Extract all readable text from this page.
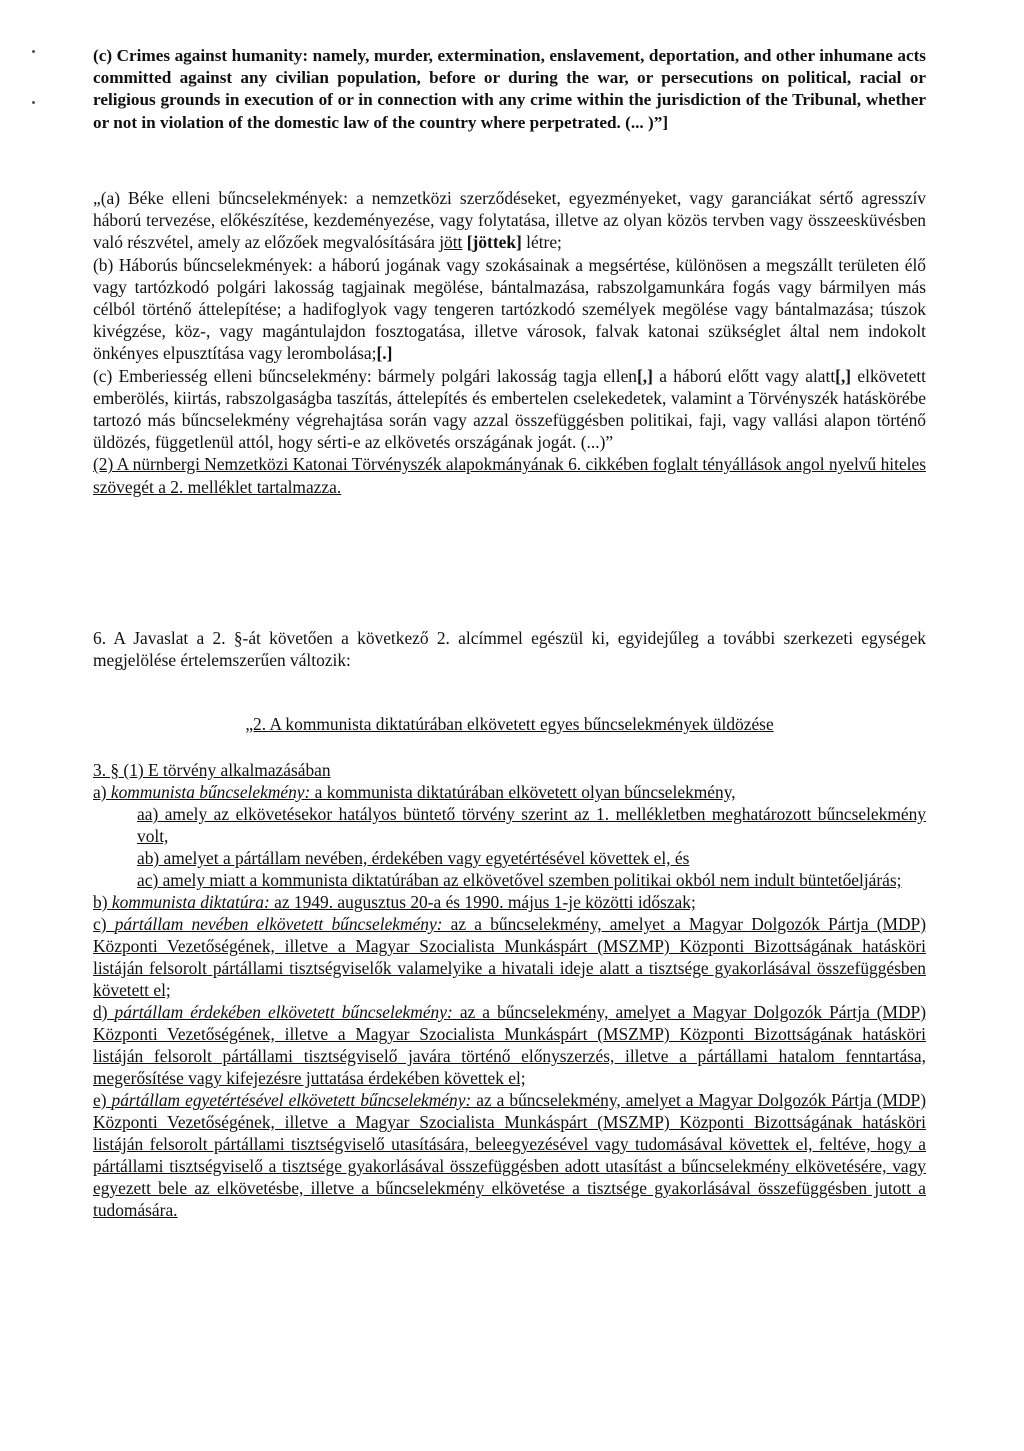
(c) Crimes against humanity: namely, murder, extermination, enslavement, deportation, and other inhumane acts committed against any civilian population, before or during the war, or persecutions on political, racial or religious grounds in execution of or in connection with any crime within the jurisdiction of the Tribunal, whether or not in violation of the domestic law of the country where perpetrated. (... )”]

„(a) Béke elleni bűncselekmények: a nemzetközi szerződéseket, egyezményeket, vagy garanciákat sértő agresszív háború tervezése, előkészítése, kezdeményezése, vagy folytatása, illetve az olyan közös tervben vagy összeesküvésben való részvétel, amely az előzőek megvalósítására jött [jöttek] létre;

(b) Háborús bűncselekmények: a háború jogának vagy szokásainak a megsértése, különösen a megszállt területen élő vagy tartózkodó polgári lakosság tagjainak megölése, bántalmazása, rabszolgamunkára fogás vagy bármilyen más célból történő áttelepítése; a hadifoglyok vagy tengeren tartózkodó személyek megölése vagy bántalmazása; túszok kivégzése, köz-, vagy magántulajdon fosztogatása, illetve városok, falvak katonai szükséglet által nem indokolt önkényes elpusztítása vagy lerombolása;[.]

(c) Emberiesség elleni bűncselekmény: bármely polgári lakosság tagja ellen[,] a háború előtt vagy alatt[,] elkövetett emberölés, kiirtás, rabszolgaságba taszítás, áttelepítés és embertelen cselekedetek, valamint a Törvényszék hatáskörébe tartozó más bűncselekmény végrehajtása során vagy azzal összefüggésben politikai, faji, vagy vallási alapon történő üldözés, függetlenül attól, hogy sérti-e az elkövetés országának jogát. (...)”

(2) A nürnbergi Nemzetközi Katonai Törvényszék alapokmányának 6. cikkében foglalt tényállások angol nyelvű hiteles szövegét a 2. melléklet tartalmazza.

6. A Javaslat a 2. §-át követően a következő 2. alcímmel egészül ki, egyidejűleg a további szerkezeti egységek megjelölése értelemszerűen változik:

„2. A kommunista diktatúrában elkövetett egyes bűncselekmények üldözése

3. § (1) E törvény alkalmazásában

a) kommunista bűncselekmény: a kommunista diktatúrában elkövetett olyan bűncselekmény,

aa) amely az elkövetésekor hatályos büntető törvény szerint az 1. mellékletben meghatározott bűncselekmény volt,

ab) amelyet a pártállam nevében, érdekében vagy egyetértésével követtek el, és

ac) amely miatt a kommunista diktatúrában az elkövetővel szemben politikai okból nem indult büntetőeljárás;

b) kommunista diktatúra: az 1949. augusztus 20-a és 1990. május 1-je közötti időszak;

c) pártállam nevében elkövetett bűncselekmény: az a bűncselekmény, amelyet a Magyar Dolgozók Pártja (MDP) Központi Vezetőségének, illetve a Magyar Szocialista Munkáspárt (MSZMP) Központi Bizottságának hatásköri listáján felsorolt pártállami tisztségviselők valamelyike a hivatali ideje alatt a tisztsége gyakorlásával összefüggésben követett el;

d) pártállam érdekében elkövetett bűncselekmény: az a bűncselekmény, amelyet a Magyar Dolgozók Pártja (MDP) Központi Vezetőségének, illetve a Magyar Szocialista Munkáspárt (MSZMP) Központi Bizottságának hatásköri listáján felsorolt pártállami tisztségviselő javára történő előnyszerzés, illetve a pártállami hatalom fenntartása, megerősítése vagy kifejezésre juttatása érdekében követtek el;

e) pártállam egyetértésével elkövetett bűncselekmény: az a bűncselekmény, amelyet a Magyar Dolgozók Pártja (MDP) Központi Vezetőségének, illetve a Magyar Szocialista Munkáspárt (MSZMP) Központi Bizottságának hatásköri listáján felsorolt pártállami tisztségviselő utasítására, beleegyezésével vagy tudomásával követtek el, feltéve, hogy a pártállami tisztségviselő a tisztsége gyakorlásával összefüggésben adott utasítást a bűncselekmény elkövetésére, vagy egyezett bele az elkövetésbe, illetve a bűncselekmény elkövetése a tisztsége gyakorlásával összefüggésben jutott a tudomására.
